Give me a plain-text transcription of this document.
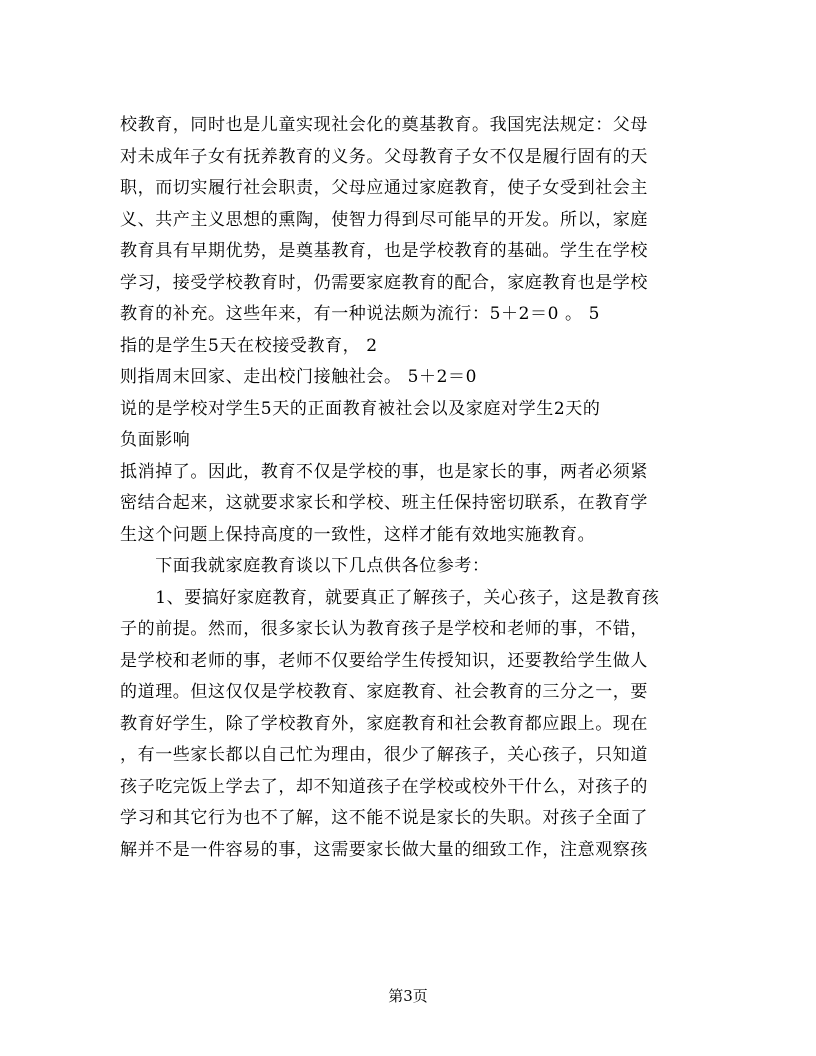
校教育，同时也是儿童实现社会化的奠基教育。我国宪法规定：父母
对未成年子女有抚养教育的义务。父母教育子女不仅是履行固有的天
职，而切实履行社会职责，父母应通过家庭教育，使子女受到社会主
义、共产主义思想的熏陶，使智力得到尽可能早的开发。所以，家庭
教育具有早期优势，是奠基教育，也是学校教育的基础。学生在学校
学习，接受学校教育时，仍需要家庭教育的配合，家庭教育也是学校
教育的补充。这些年来，有一种说法颇为流行：5＋2＝0 。 5
指的是学生5天在校接受教育， 2
则指周末回家、走出校门接触社会。 5＋2＝0
说的是学校对学生5天的正面教育被社会以及家庭对学生2天的
负面影响
抵消掉了。因此，教育不仅是学校的事，也是家长的事，两者必须紧
密结合起来，这就要求家长和学校、班主任保持密切联系，在教育学
生这个问题上保持高度的一致性，这样才能有效地实施教育。
　　下面我就家庭教育谈以下几点供各位参考：
　　1、要搞好家庭教育，就要真正了解孩子，关心孩子，这是教育孩
子的前提。然而，很多家长认为教育孩子是学校和老师的事，不错，
是学校和老师的事，老师不仅要给学生传授知识，还要教给学生做人
的道理。但这仅仅是学校教育、家庭教育、社会教育的三分之一，要
教育好学生，除了学校教育外，家庭教育和社会教育都应跟上。现在
，有一些家长都以自己忙为理由，很少了解孩子，关心孩子，只知道
孩子吃完饭上学去了，却不知道孩子在学校或校外干什么，对孩子的
学习和其它行为也不了解，这不能不说是家长的失职。对孩子全面了
解并不是一件容易的事，这需要家长做大量的细致工作，注意观察孩
第3页
